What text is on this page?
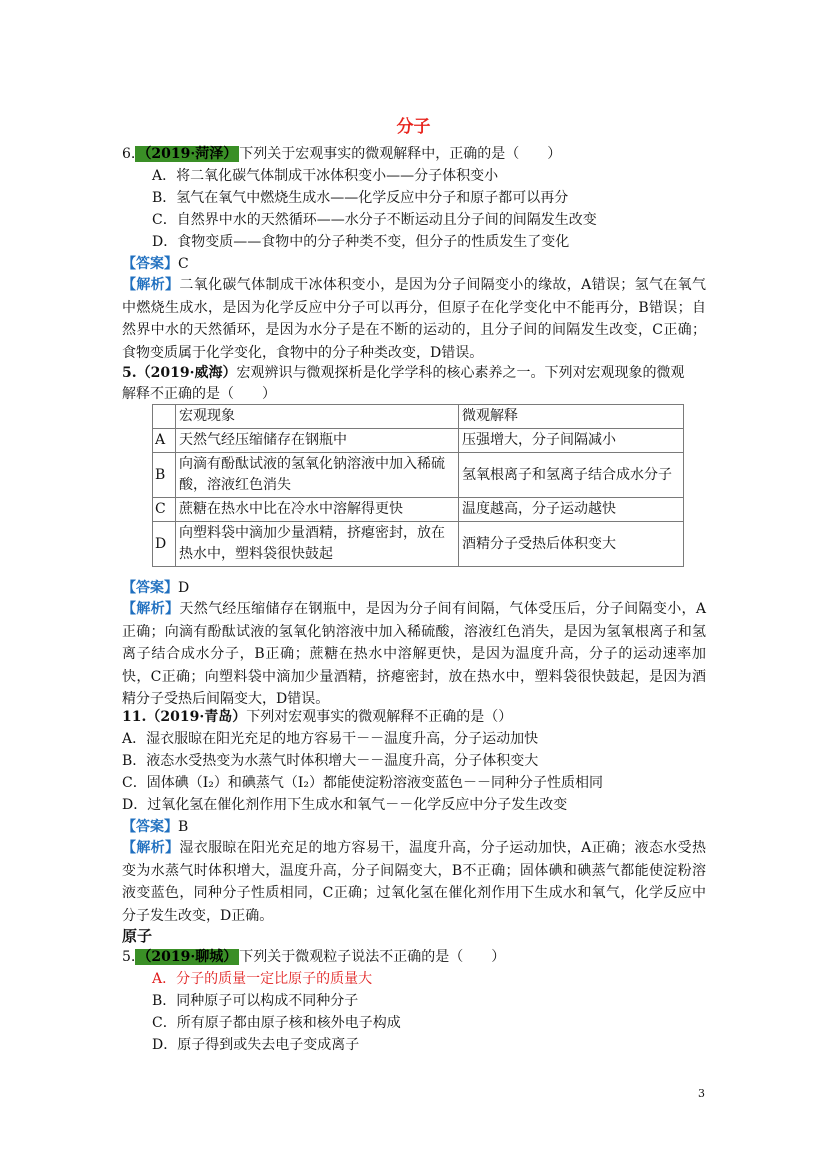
分子
6. （2019·菏泽） 下列关于宏观事实的微观解释中，正确的是（　　）
A．将二氧化碳气体制成干冰体积变小——分子体积变小
B．氢气在氧气中燃烧生成水——化学反应中分子和原子都可以再分
C．自然界中水的天然循环——水分子不断运动且分子间的间隔发生改变
D．食物变质——食物中的分子种类不变，但分子的性质发生了变化
【答案】C
【解析】二氧化碳气体制成干冰体积变小，是因为分子间隔变小的缘故，A错误；氢气在氧气中燃烧生成水，是因为化学反应中分子可以再分，但原子在化学变化中不能再分，B错误；自然界中水的天然循环，是因为水分子是在不断的运动的，且分子间的间隔发生改变，C正确；食物变质属于化学变化，食物中的分子种类改变，D错误。
5.（2019·威海）宏观辨识与微观探析是化学学科的核心素养之一。下列对宏观现象的微观
解释不正确的是（　　）
	宏观现象	微观解释
A	天然气经压缩储存在钢瓶中	压强增大，分子间隔减小
B	向滴有酚酞试液的氢氧化钠溶液中加入稀硫酸，溶液红色消失	氢氧根离子和氢离子结合成水分子
C	蔗糖在热水中比在冷水中溶解得更快	温度越高，分子运动越快
D	向塑料袋中滴加少量酒精，挤瘪密封，放在热水中，塑料袋很快鼓起	酒精分子受热后体积变大
【答案】D
【解析】天然气经压缩储存在钢瓶中，是因为分子间有间隔，气体受压后，分子间隔变小，A正确；向滴有酚酞试液的氢氧化钠溶液中加入稀硫酸，溶液红色消失，是因为氢氧根离子和氢离子结合成水分子，B正确；蔗糖在热水中溶解更快，是因为温度升高，分子的运动速率加快，C正确；向塑料袋中滴加少量酒精，挤瘪密封，放在热水中，塑料袋很快鼓起，是因为酒精分子受热后间隔变大，D错误。
11.（2019·青岛）下列对宏观事实的微观解释不正确的是（）
A．湿衣服晾在阳光充足的地方容易干－－温度升高，分子运动加快
B．液态水受热变为水蒸气时体积增大－－温度升高，分子体积变大
C．固体碘（I₂）和碘蒸气（I₂）都能使淀粉溶液变蓝色－－同种分子性质相同
D．过氧化氢在催化剂作用下生成水和氧气－－化学反应中分子发生改变
【答案】B
【解析】湿衣服晾在阳光充足的地方容易干，温度升高，分子运动加快，A正确；液态水受热变为水蒸气时体积增大，温度升高，分子间隔变大，B不正确；固体碘和碘蒸气都能使淀粉溶液变蓝色，同种分子性质相同，C正确；过氧化氢在催化剂作用下生成水和氧气，化学反应中分子发生改变，D正确。
原子
5. （2019·聊城） 下列关于微观粒子说法不正确的是（　　）
A．分子的质量一定比原子的质量大
B．同种原子可以构成不同种分子
C．所有原子都由原子核和核外电子构成
D．原子得到或失去电子变成离子
3
